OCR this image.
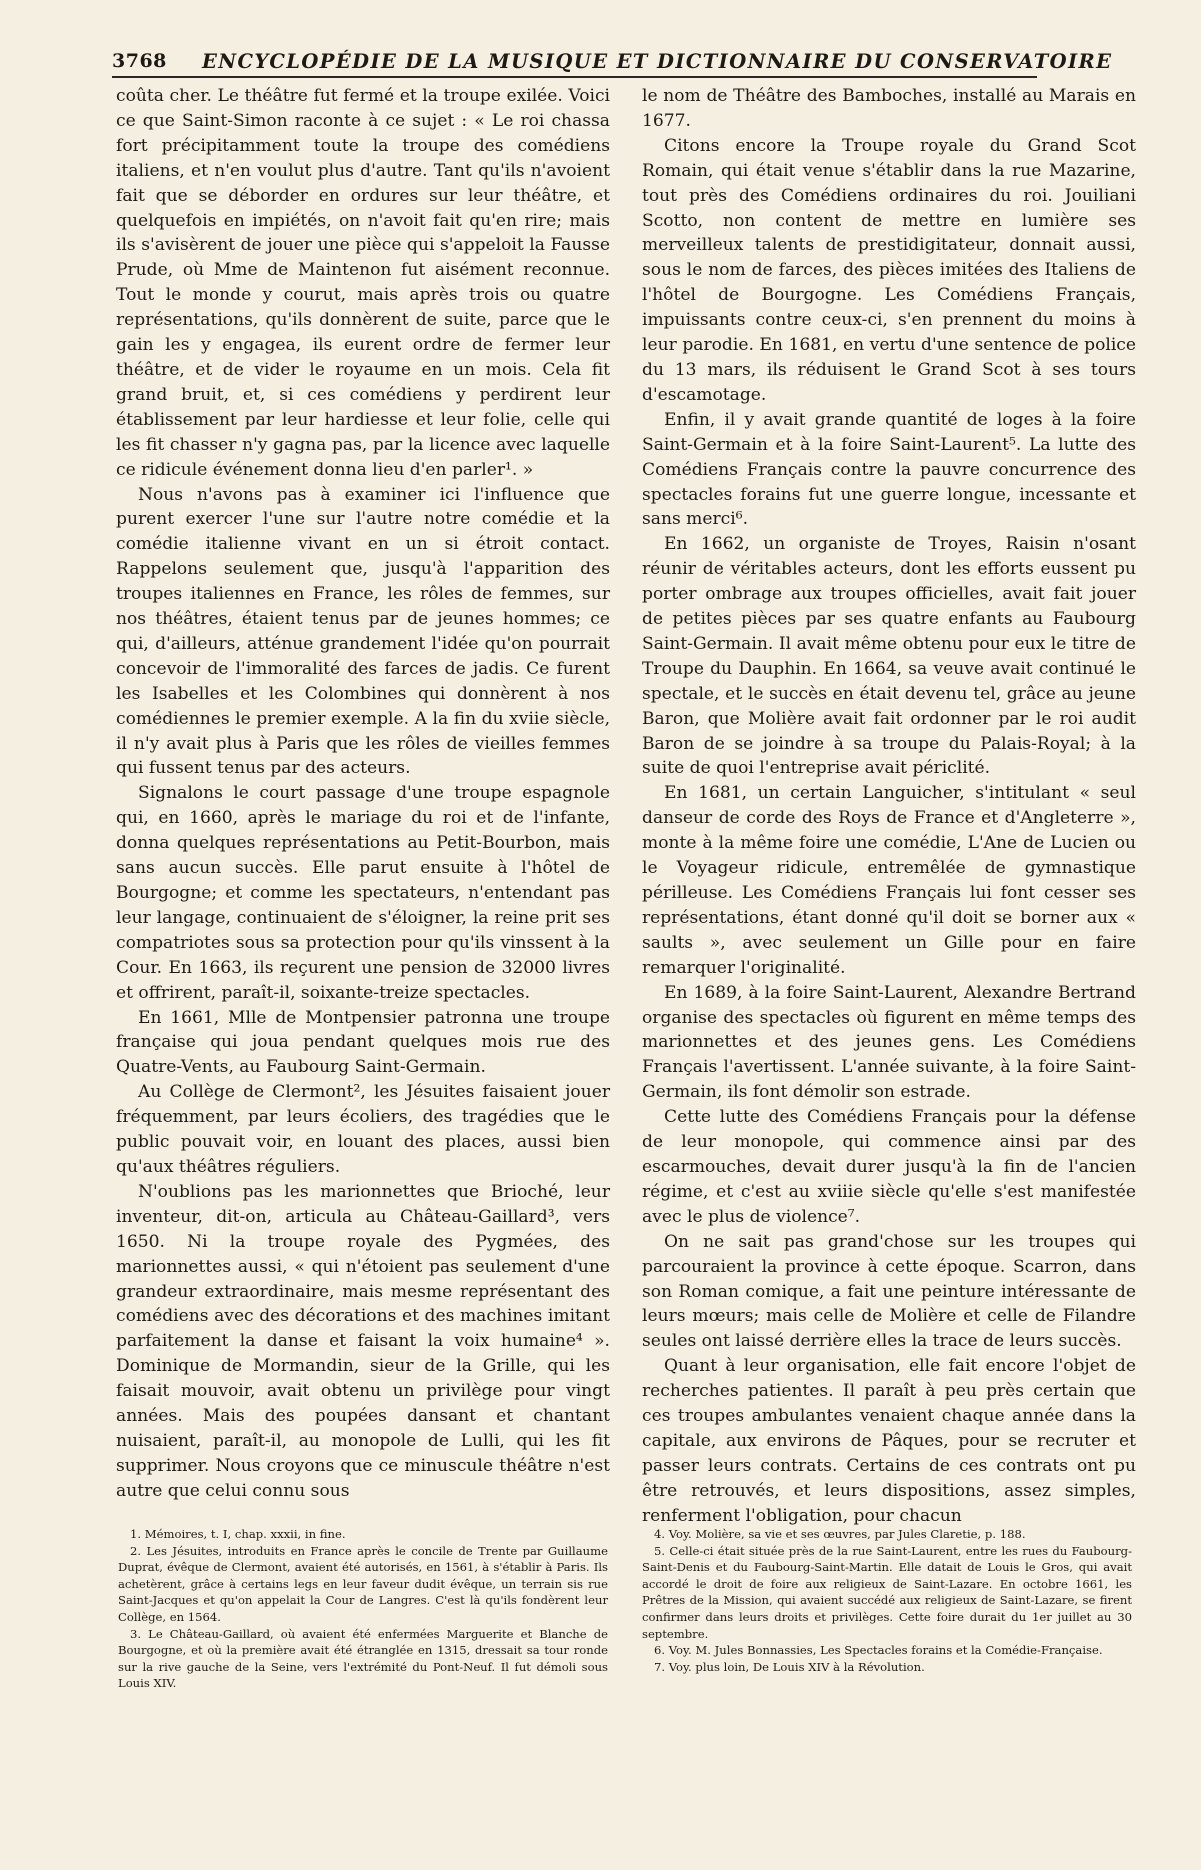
3768 ENCYCLOPÉDIE DE LA MUSIQUE ET DICTIONNAIRE DU CONSERVATOIRE

coûta cher. Le théâtre fut fermé et la troupe exilée. Voici ce que Saint-Simon raconte à ce sujet : « Le roi chassa fort précipitamment toute la troupe des comédiens italiens, et n'en voulut plus d'autre. Tant qu'ils n'avoient fait que se déborder en ordures sur leur théâtre, et quelquefois en impiétés, on n'avoit fait qu'en rire; mais ils s'avisèrent de jouer une pièce qui s'appeloit la Fausse Prude, où Mme de Maintenon fut aisément reconnue. Tout le monde y courut, mais après trois ou quatre représentations, qu'ils donnèrent de suite, parce que le gain les y engagea, ils eurent ordre de fermer leur théâtre, et de vider le royaume en un mois. Cela fit grand bruit, et, si ces comédiens y perdirent leur établissement par leur hardiesse et leur folie, celle qui les fit chasser n'y gagna pas, par la licence avec laquelle ce ridicule événement donna lieu d'en parler¹. »

Nous n'avons pas à examiner ici l'influence que purent exercer l'une sur l'autre notre comédie et la comédie italienne vivant en un si étroit contact. Rappelons seulement que, jusqu'à l'apparition des troupes italiennes en France, les rôles de femmes, sur nos théâtres, étaient tenus par de jeunes hommes; ce qui, d'ailleurs, atténue grandement l'idée qu'on pourrait concevoir de l'immoralité des farces de jadis. Ce furent les Isabelles et les Colombines qui donnèrent à nos comédiennes le premier exemple. A la fin du xviie siècle, il n'y avait plus à Paris que les rôles de vieilles femmes qui fussent tenus par des acteurs.

Signalons le court passage d'une troupe espagnole qui, en 1660, après le mariage du roi et de l'infante, donna quelques représentations au Petit-Bourbon, mais sans aucun succès. Elle parut ensuite à l'hôtel de Bourgogne; et comme les spectateurs, n'entendant pas leur langage, continuaient de s'éloigner, la reine prit ses compatriotes sous sa protection pour qu'ils vinssent à la Cour. En 1663, ils reçurent une pension de 32000 livres et offrirent, paraît-il, soixante-treize spectacles.

En 1661, Mlle de Montpensier patronna une troupe française qui joua pendant quelques mois rue des Quatre-Vents, au Faubourg Saint-Germain.

Au Collège de Clermont², les Jésuites faisaient jouer fréquemment, par leurs écoliers, des tragédies que le public pouvait voir, en louant des places, aussi bien qu'aux théâtres réguliers.

N'oublions pas les marionnettes que Brioché, leur inventeur, dit-on, articula au Château-Gaillard³, vers 1650. Ni la troupe royale des Pygmées, des marionnettes aussi, « qui n'étoient pas seulement d'une grandeur extraordinaire, mais mesme représentant des comédiens avec des décorations et des machines imitant parfaitement la danse et faisant la voix humaine⁴ ». Dominique de Mormandin, sieur de la Grille, qui les faisait mouvoir, avait obtenu un privilège pour vingt années. Mais des poupées dansant et chantant nuisaient, paraît-il, au monopole de Lulli, qui les fit supprimer. Nous croyons que ce minuscule théâtre n'est autre que celui connu sous

le nom de Théâtre des Bamboches, installé au Marais en 1677.

Citons encore la Troupe royale du Grand Scot Romain, qui était venue s'établir dans la rue Mazarine, tout près des Comédiens ordinaires du roi. Jouiliani Scotto, non content de mettre en lumière ses merveilleux talents de prestidigitateur, donnait aussi, sous le nom de farces, des pièces imitées des Italiens de l'hôtel de Bourgogne. Les Comédiens Français, impuissants contre ceux-ci, s'en prennent du moins à leur parodie. En 1681, en vertu d'une sentence de police du 13 mars, ils réduisent le Grand Scot à ses tours d'escamotage.

Enfin, il y avait grande quantité de loges à la foire Saint-Germain et à la foire Saint-Laurent⁵. La lutte des Comédiens Français contre la pauvre concurrence des spectacles forains fut une guerre longue, incessante et sans merci⁶.

En 1662, un organiste de Troyes, Raisin n'osant réunir de véritables acteurs, dont les efforts eussent pu porter ombrage aux troupes officielles, avait fait jouer de petites pièces par ses quatre enfants au Faubourg Saint-Germain. Il avait même obtenu pour eux le titre de Troupe du Dauphin. En 1664, sa veuve avait continué le spectale, et le succès en était devenu tel, grâce au jeune Baron, que Molière avait fait ordonner par le roi audit Baron de se joindre à sa troupe du Palais-Royal; à la suite de quoi l'entreprise avait périclité.

En 1681, un certain Languicher, s'intitulant « seul danseur de corde des Roys de France et d'Angleterre », monte à la même foire une comédie, L'Ane de Lucien ou le Voyageur ridicule, entremêlée de gymnastique périlleuse. Les Comédiens Français lui font cesser ses représentations, étant donné qu'il doit se borner aux « saults », avec seulement un Gille pour en faire remarquer l'originalité.

En 1689, à la foire Saint-Laurent, Alexandre Bertrand organise des spectacles où figurent en même temps des marionnettes et des jeunes gens. Les Comédiens Français l'avertissent. L'année suivante, à la foire Saint-Germain, ils font démolir son estrade.

Cette lutte des Comédiens Français pour la défense de leur monopole, qui commence ainsi par des escarmouches, devait durer jusqu'à la fin de l'ancien régime, et c'est au xviiie siècle qu'elle s'est manifestée avec le plus de violence⁷.

On ne sait pas grand'chose sur les troupes qui parcouraient la province à cette époque. Scarron, dans son Roman comique, a fait une peinture intéressante de leurs mœurs; mais celle de Molière et celle de Filandre seules ont laissé derrière elles la trace de leurs succès.

Quant à leur organisation, elle fait encore l'objet de recherches patientes. Il paraît à peu près certain que ces troupes ambulantes venaient chaque année dans la capitale, aux environs de Pâques, pour se recruter et passer leurs contrats. Certains de ces contrats ont pu être retrouvés, et leurs dispositions, assez simples, renferment l'obligation, pour chacun

1. Mémoires, t. I, chap. xxxii, in fine.

2. Les Jésuites, introduits en France après le concile de Trente par Guillaume Duprat, évêque de Clermont, avaient été autorisés, en 1561, à s'établir à Paris. Ils achetèrent, grâce à certains legs en leur faveur dudit évêque, un terrain sis rue Saint-Jacques et qu'on appelait la Cour de Langres. C'est là qu'ils fondèrent leur Collège, en 1564.

3. Le Château-Gaillard, où avaient été enfermées Marguerite et Blanche de Bourgogne, et où la première avait été étranglée en 1315, dressait sa tour ronde sur la rive gauche de la Seine, vers l'extrémité du Pont-Neuf. Il fut démoli sous Louis XIV.

4. Voy. Molière, sa vie et ses œuvres, par Jules Claretie, p. 188.

5. Celle-ci était située près de la rue Saint-Laurent, entre les rues du Faubourg-Saint-Denis et du Faubourg-Saint-Martin. Elle datait de Louis le Gros, qui avait accordé le droit de foire aux religieux de Saint-Lazare. En octobre 1661, les Prêtres de la Mission, qui avaient succédé aux religieux de Saint-Lazare, se firent confirmer dans leurs droits et privilèges. Cette foire durait du 1er juillet au 30 septembre.

6. Voy. M. Jules Bonnassies, Les Spectacles forains et la Comédie-Française.

7. Voy. plus loin, De Louis XIV à la Révolution.
